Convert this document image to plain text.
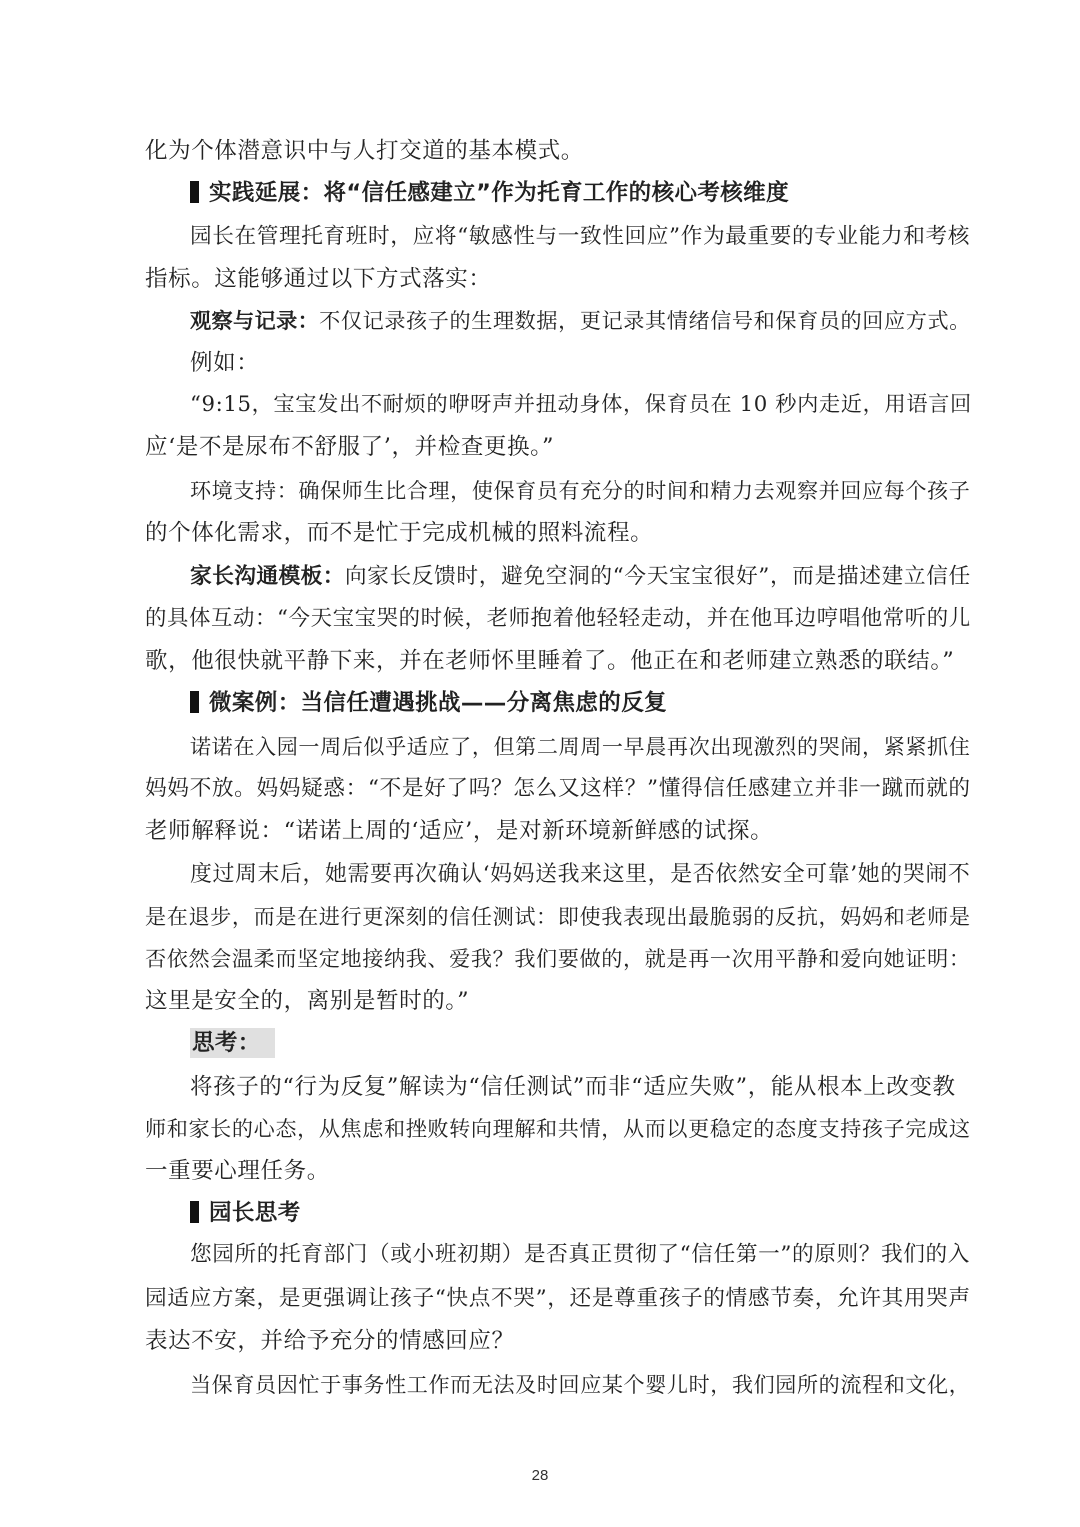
化为个体潜意识中与人打交道的基本模式。
实践延展：将“信任感建立”作为托育工作的核心考核维度
园长在管理托育班时，应将“敏感性与一致性回应”作为最重要的专业能力和考核
指标。这能够通过以下方式落实：
观察与记录：不仅记录孩子的生理数据，更记录其情绪信号和保育员的回应方式。
例如：
“9:15，宝宝发出不耐烦的咿呀声并扭动身体，保育员在 10 秒内走近，用语言回
应‘是不是尿布不舒服了’，并检查更换。”
环境支持：确保师生比合理，使保育员有充分的时间和精力去观察并回应每个孩子
的个体化需求，而不是忙于完成机械的照料流程。
家长沟通模板：向家长反馈时，避免空洞的“今天宝宝很好”，而是描述建立信任
的具体互动：“今天宝宝哭的时候，老师抱着他轻轻走动，并在他耳边哼唱他常听的儿
歌，他很快就平静下来，并在老师怀里睡着了。他正在和老师建立熟悉的联结。”
微案例：当信任遭遇挑战——分离焦虑的反复
诺诺在入园一周后似乎适应了，但第二周周一早晨再次出现激烈的哭闹，紧紧抓住
妈妈不放。妈妈疑惑：“不是好了吗？怎么又这样？”懂得信任感建立并非一蹴而就的
老师解释说：“诺诺上周的‘适应’，是对新环境新鲜感的试探。
度过周末后，她需要再次确认‘妈妈送我来这里，是否依然安全可靠’她的哭闹不
是在退步，而是在进行更深刻的信任测试：即使我表现出最脆弱的反抗，妈妈和老师是
否依然会温柔而坚定地接纳我、爱我？我们要做的，就是再一次用平静和爱向她证明：
这里是安全的，离别是暂时的。”
思考：
将孩子的“行为反复”解读为“信任测试”而非“适应失败”，能从根本上改变教
师和家长的心态，从焦虑和挫败转向理解和共情，从而以更稳定的态度支持孩子完成这
一重要心理任务。
园长思考
您园所的托育部门（或小班初期）是否真正贯彻了“信任第一”的原则？我们的入
园适应方案，是更强调让孩子“快点不哭”，还是尊重孩子的情感节奏，允许其用哭声
表达不安，并给予充分的情感回应？
当保育员因忙于事务性工作而无法及时回应某个婴儿时，我们园所的流程和文化，
28
